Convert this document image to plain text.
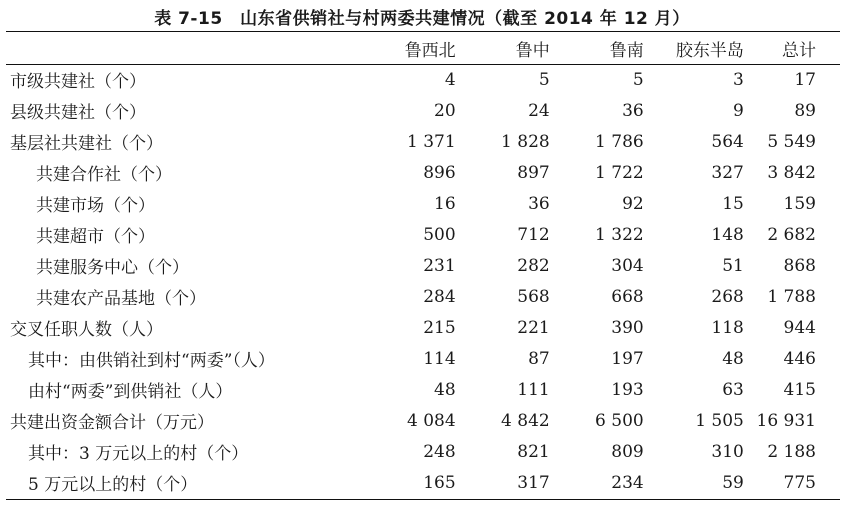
表 7-15　山东省供销社与村两委共建情况（截至 2014 年 12 月）
	鲁西北	鲁中	鲁南	胶东半岛	总计
市级共建社（个）	4	5	5	3	17
县级共建社（个）	20	24	36	9	89
基层社共建社（个）	1 371	1 828	1 786	564	5 549
共建合作社（个）	896	897	1 722	327	3 842
共建市场（个）	16	36	92	15	159
共建超市（个）	500	712	1 322	148	2 682
共建服务中心（个）	231	282	304	51	868
共建农产品基地（个）	284	568	668	268	1 788
交叉任职人数（人）	215	221	390	118	944
其中：由供销社到村“两委”（人）	114	87	197	48	446
由村“两委”到供销社（人）	48	111	193	63	415
共建出资金额合计（万元）	4 084	4 842	6 500	1 505	16 931
其中：3 万元以上的村（个）	248	821	809	310	2 188
5 万元以上的村（个）	165	317	234	59	775
